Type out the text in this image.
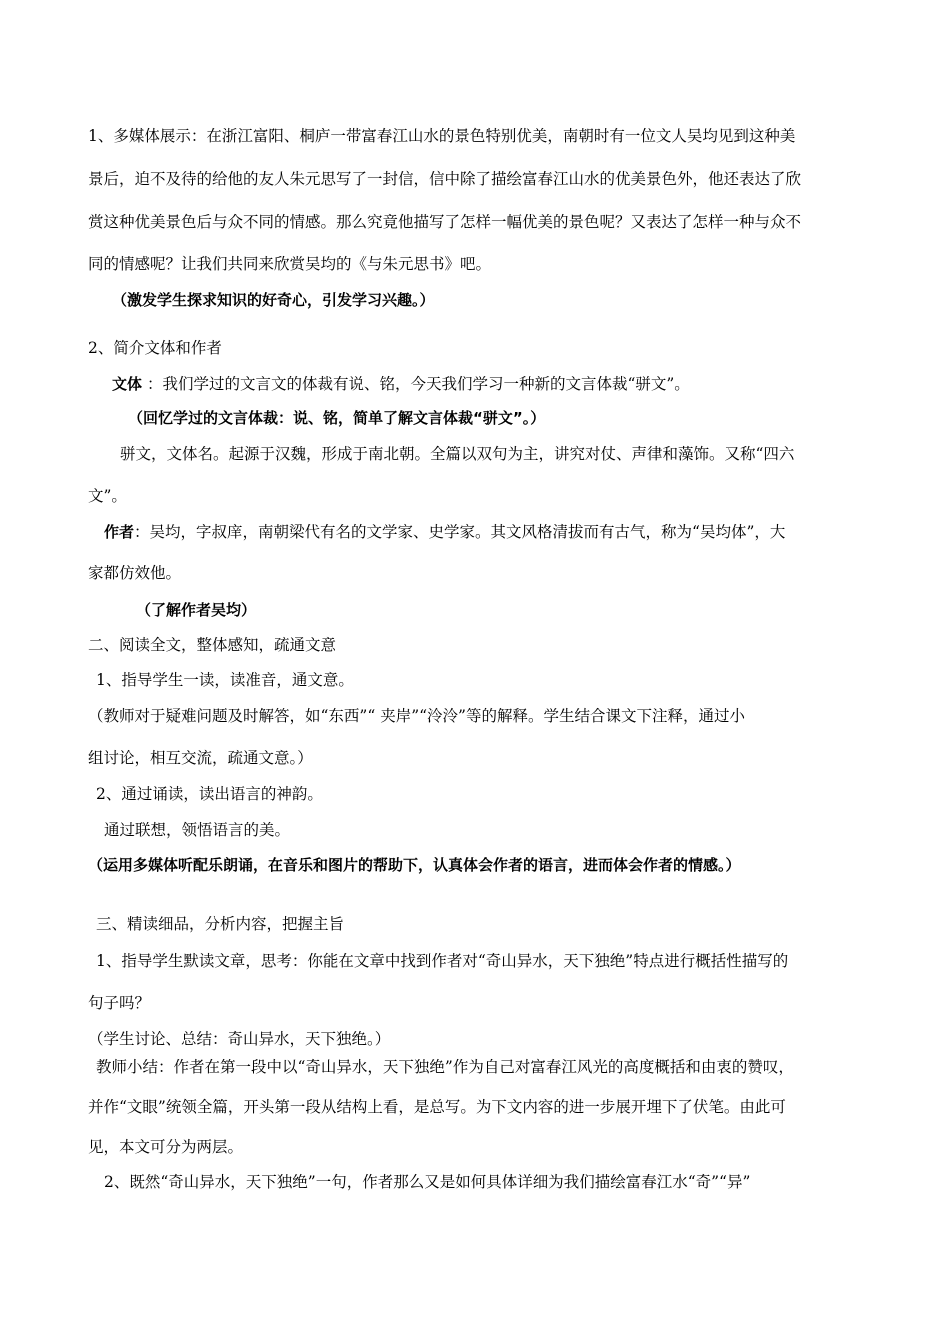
1、多媒体展示：在浙江富阳、桐庐一带富春江山水的景色特别优美，南朝时有一位文人吴均见到这种美
景后，迫不及待的给他的友人朱元思写了一封信，信中除了描绘富春江山水的优美景色外，他还表达了欣
赏这种优美景色后与众不同的情感。那么究竟他描写了怎样一幅优美的景色呢？又表达了怎样一种与众不
同的情感呢？让我们共同来欣赏吴均的《与朱元思书》吧。
（激发学生探求知识的好奇心，引发学习兴趣。）
2、简介文体和作者
文体 ：我们学过的文言文的体裁有说、铭，今天我们学习一种新的文言体裁“骈文”。
（回忆学过的文言体裁：说、铭，简单了解文言体裁“骈文”。）
骈文，文体名。起源于汉魏，形成于南北朝。全篇以双句为主，讲究对仗、声律和藻饰。又称“四六
文”。
作者：吴均，字叔庠，南朝梁代有名的文学家、史学家。其文风格清拔而有古气，称为“吴均体”，大
家都仿效他。
（了解作者吴均）
二、阅读全文，整体感知，疏通文意
1、指导学生一读，读准音，通文意。
（教师对于疑难问题及时解答，如“东西”“ 夹岸”“泠泠”等的解释。学生结合课文下注释，通过小
组讨论，相互交流，疏通文意。）
2、通过诵读，读出语言的神韵。
通过联想，领悟语言的美。
（运用多媒体听配乐朗诵，在音乐和图片的帮助下，认真体会作者的语言，进而体会作者的情感。）
三、精读细品，分析内容，把握主旨
1、指导学生默读文章，思考：你能在文章中找到作者对“奇山异水，天下独绝”特点进行概括性描写的
句子吗？
（学生讨论、总结：奇山异水，天下独绝。）
教师小结：作者在第一段中以“奇山异水，天下独绝”作为自己对富春江风光的高度概括和由衷的赞叹，
并作“文眼”统领全篇，开头第一段从结构上看，是总写。为下文内容的进一步展开埋下了伏笔。由此可
见，本文可分为两层。
2、既然“奇山异水，天下独绝”一句，作者那么又是如何具体详细为我们描绘富春江水“奇”“异”
